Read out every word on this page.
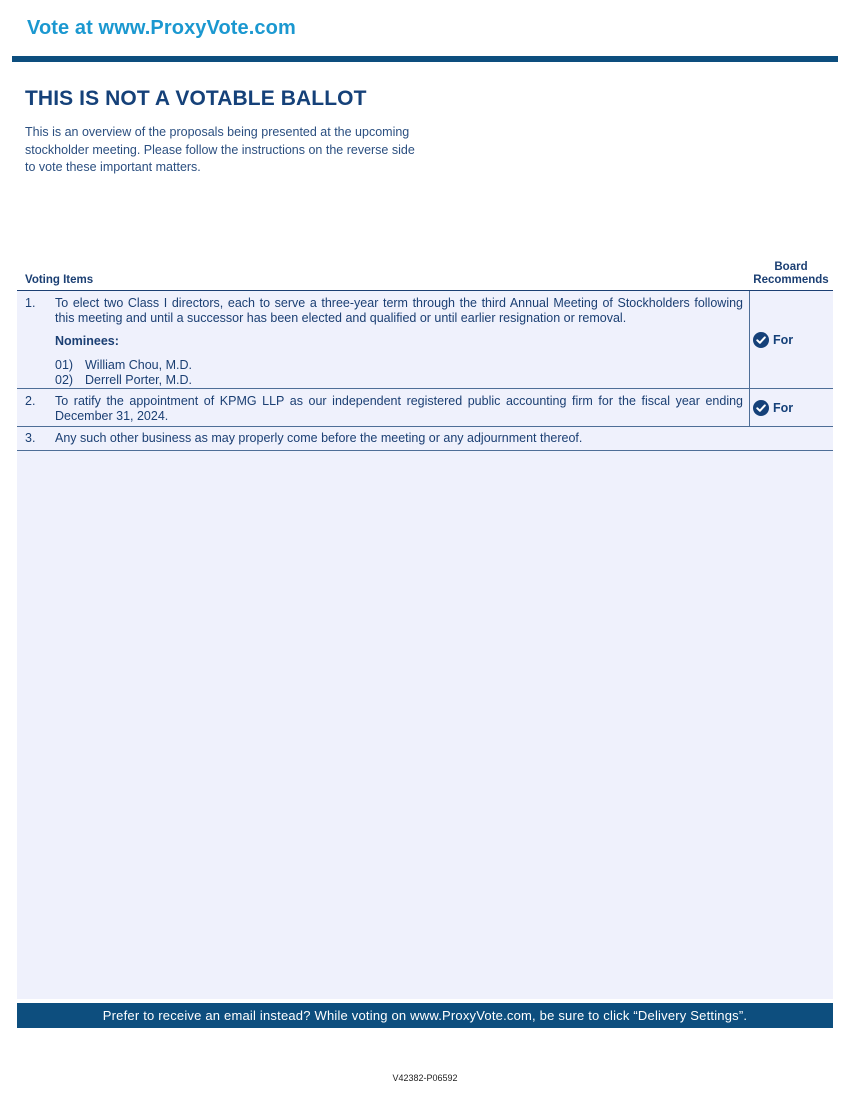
Vote at www.ProxyVote.com
THIS IS NOT A VOTABLE BALLOT

This is an overview of the proposals being presented at the upcoming stockholder meeting. Please follow the instructions on the reverse side to vote these important matters.

Voting Items
Board
Recommends
1. To elect two Class I directors, each to serve a three-year term through the third Annual Meeting of Stockholders following this meeting and until a successor has been elected and qualified or until earlier resignation or removal.
Nominees:
01) William Chou, M.D.
02) Derrell Porter, M.D.
For
2. To ratify the appointment of KPMG LLP as our independent registered public accounting firm for the fiscal year ending December 31, 2024.
For
3. Any such other business as may properly come before the meeting or any adjournment thereof.
Prefer to receive an email instead? While voting on www.ProxyVote.com, be sure to click “Delivery Settings”.
V42382-P06592
